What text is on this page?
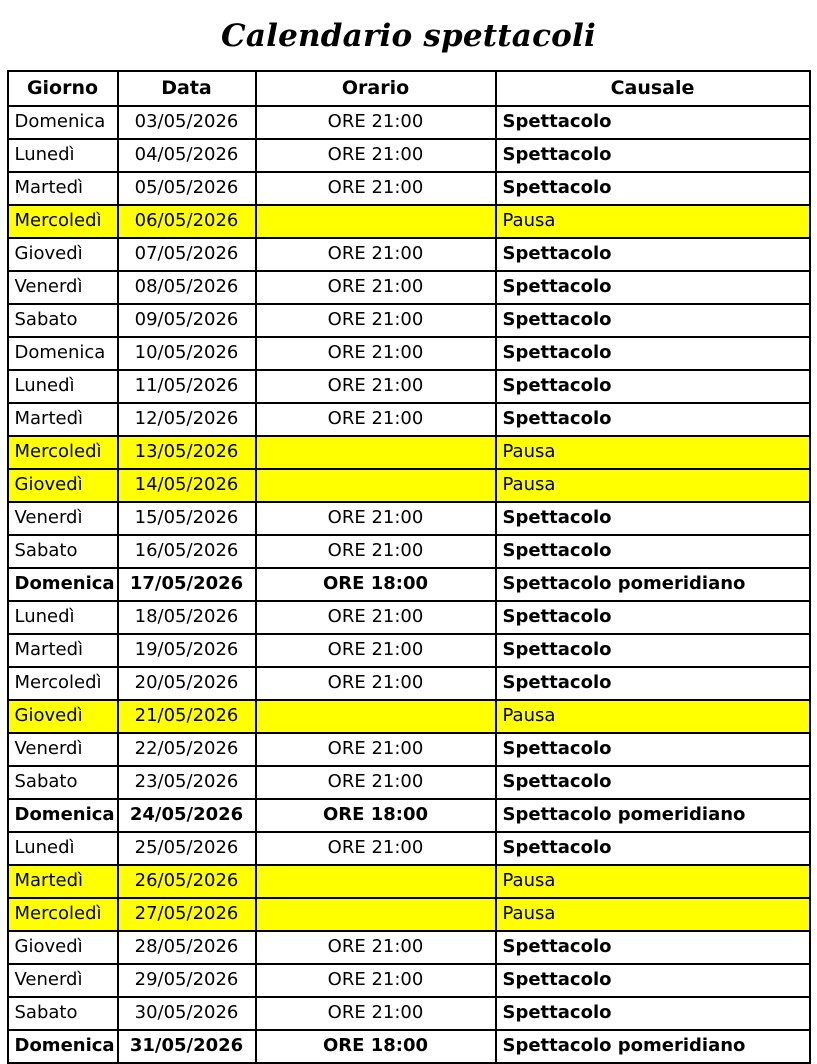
Calendario spettacoli
Giorno	Data	Orario	Causale
Domenica	03/05/2026	ORE 21:00	Spettacolo
Lunedì	04/05/2026	ORE 21:00	Spettacolo
Martedì	05/05/2026	ORE 21:00	Spettacolo
Mercoledì	06/05/2026		Pausa
Giovedì	07/05/2026	ORE 21:00	Spettacolo
Venerdì	08/05/2026	ORE 21:00	Spettacolo
Sabato	09/05/2026	ORE 21:00	Spettacolo
Domenica	10/05/2026	ORE 21:00	Spettacolo
Lunedì	11/05/2026	ORE 21:00	Spettacolo
Martedì	12/05/2026	ORE 21:00	Spettacolo
Mercoledì	13/05/2026		Pausa
Giovedì	14/05/2026		Pausa
Venerdì	15/05/2026	ORE 21:00	Spettacolo
Sabato	16/05/2026	ORE 21:00	Spettacolo
Domenica	17/05/2026	ORE 18:00	Spettacolo pomeridiano
Lunedì	18/05/2026	ORE 21:00	Spettacolo
Martedì	19/05/2026	ORE 21:00	Spettacolo
Mercoledì	20/05/2026	ORE 21:00	Spettacolo
Giovedì	21/05/2026		Pausa
Venerdì	22/05/2026	ORE 21:00	Spettacolo
Sabato	23/05/2026	ORE 21:00	Spettacolo
Domenica	24/05/2026	ORE 18:00	Spettacolo pomeridiano
Lunedì	25/05/2026	ORE 21:00	Spettacolo
Martedì	26/05/2026		Pausa
Mercoledì	27/05/2026		Pausa
Giovedì	28/05/2026	ORE 21:00	Spettacolo
Venerdì	29/05/2026	ORE 21:00	Spettacolo
Sabato	30/05/2026	ORE 21:00	Spettacolo
Domenica	31/05/2026	ORE 18:00	Spettacolo pomeridiano
